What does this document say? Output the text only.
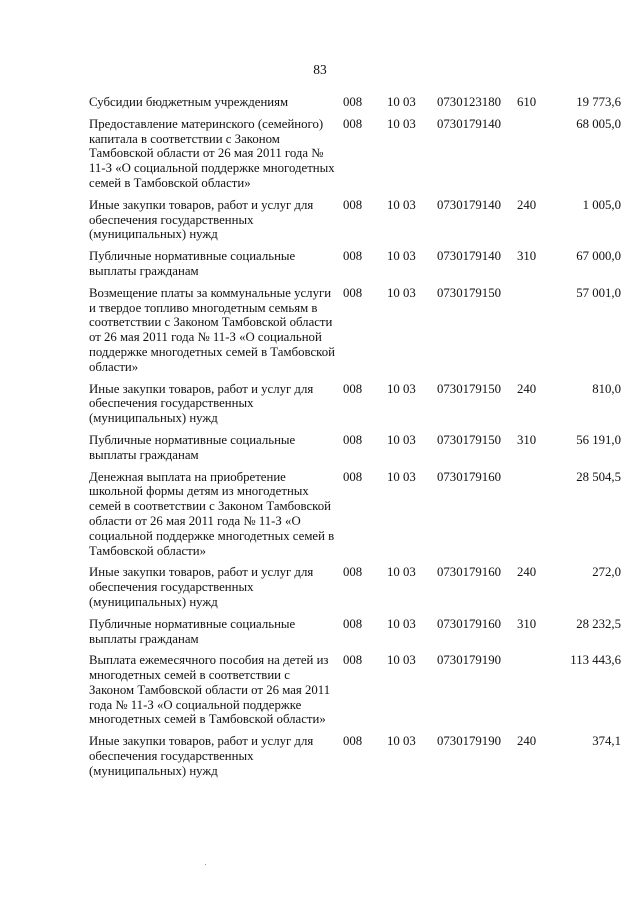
83
Субсидии бюджетным учреждениям	008	10 03	0730123180	610	19 773,6
Предоставление материнского (семейного) капитала в соответствии с Законом Тамбовской области от 26 мая 2011 года № 11-З «О социальной поддержке многодетных семей в Тамбовской области»	008	10 03	0730179140		68 005,0
Иные закупки товаров, работ и услуг для обеспечения государственных (муниципальных) нужд	008	10 03	0730179140	240	1 005,0
Публичные нормативные социальные выплаты гражданам	008	10 03	0730179140	310	67 000,0
Возмещение платы за коммунальные услуги и твердое топливо многодетным семьям в соответствии с Законом Тамбовской области от 26 мая 2011 года № 11-З «О социальной поддержке многодетных семей в Тамбовской области»	008	10 03	0730179150		57 001,0
Иные закупки товаров, работ и услуг для обеспечения государственных (муниципальных) нужд	008	10 03	0730179150	240	810,0
Публичные нормативные социальные выплаты гражданам	008	10 03	0730179150	310	56 191,0
Денежная выплата на приобретение школьной формы детям из многодетных семей в соответствии с Законом Тамбовской области от 26 мая 2011 года № 11-З «О социальной поддержке многодетных семей в Тамбовской области»	008	10 03	0730179160		28 504,5
Иные закупки товаров, работ и услуг для обеспечения государственных (муниципальных) нужд	008	10 03	0730179160	240	272,0
Публичные нормативные социальные выплаты гражданам	008	10 03	0730179160	310	28 232,5
Выплата ежемесячного пособия на детей из многодетных семей в соответствии с Законом Тамбовской области от 26 мая 2011 года № 11-З «О социальной поддержке многодетных семей в Тамбовской области»	008	10 03	0730179190		113 443,6
Иные закупки товаров, работ и услуг для обеспечения государственных (муниципальных) нужд	008	10 03	0730179190	240	374,1
